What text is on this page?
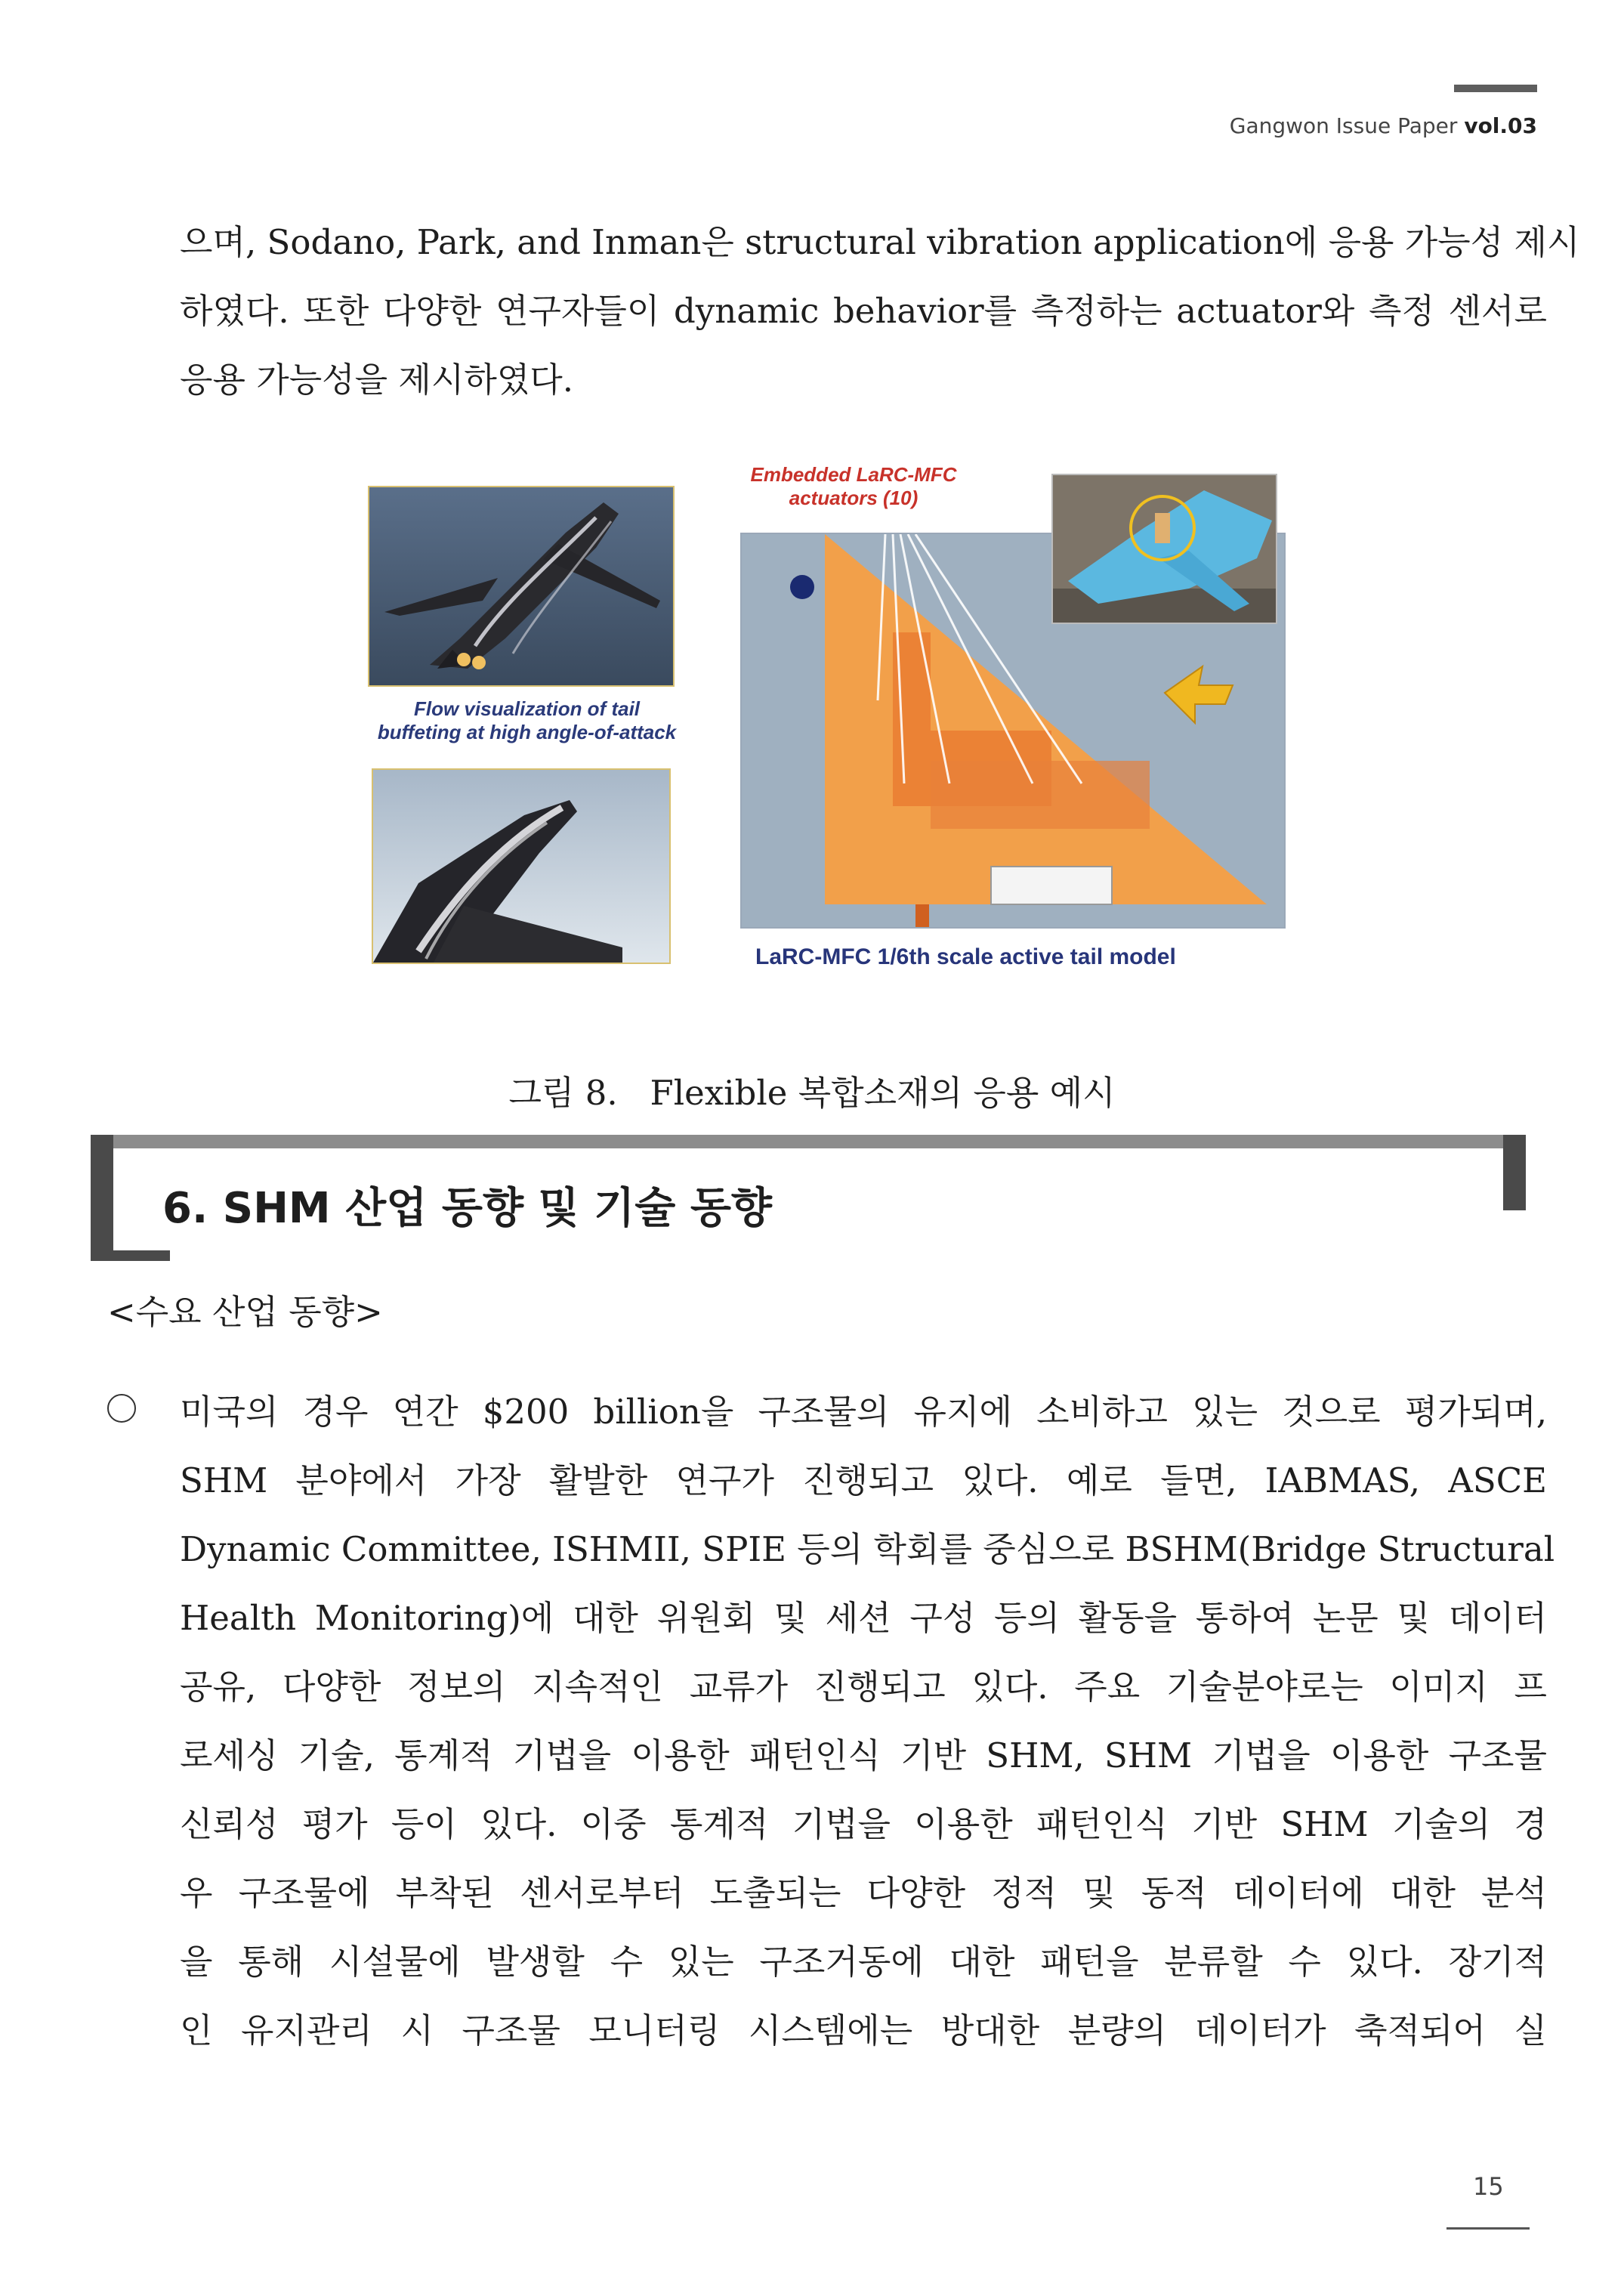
Gangwon Issue Paper vol.03
으며, Sodano, Park, and Inman은 structural vibration application에 응용 가능성 제시
하였다. 또한 다양한 연구자들이 dynamic behavior를 측정하는 actuator와 측정 센서로
응용 가능성을 제시하였다.
Flow visualization of tail
buffeting at high angle-of-attack
Embedded LaRC-MFC
actuators (10)
LaRC-MFC 1/6th scale active tail model
그림 8.   Flexible 복합소재의 응용 예시
6. SHM 산업 동향 및 기술 동향
<수요 산업 동향>
미국의 경우 연간 $200 billion을 구조물의 유지에 소비하고 있는 것으로 평가되며,
SHM 분야에서 가장 활발한 연구가 진행되고 있다. 예로 들면, IABMAS, ASCE
Dynamic Committee, ISHMII, SPIE 등의 학회를 중심으로 BSHM(Bridge Structural
Health Monitoring)에 대한 위원회 및 세션 구성 등의 활동을 통하여 논문 및 데이터
공유, 다양한 정보의 지속적인 교류가 진행되고 있다. 주요 기술분야로는 이미지 프
로세싱 기술, 통계적 기법을 이용한 패턴인식 기반 SHM, SHM 기법을 이용한 구조물
신뢰성 평가 등이 있다. 이중 통계적 기법을 이용한 패턴인식 기반 SHM 기술의 경
우 구조물에 부착된 센서로부터 도출되는 다양한 정적 및 동적 데이터에 대한 분석
을 통해 시설물에 발생할 수 있는 구조거동에 대한 패턴을 분류할 수 있다. 장기적
인 유지관리 시 구조물 모니터링 시스템에는 방대한 분량의 데이터가 축적되어 실
15
